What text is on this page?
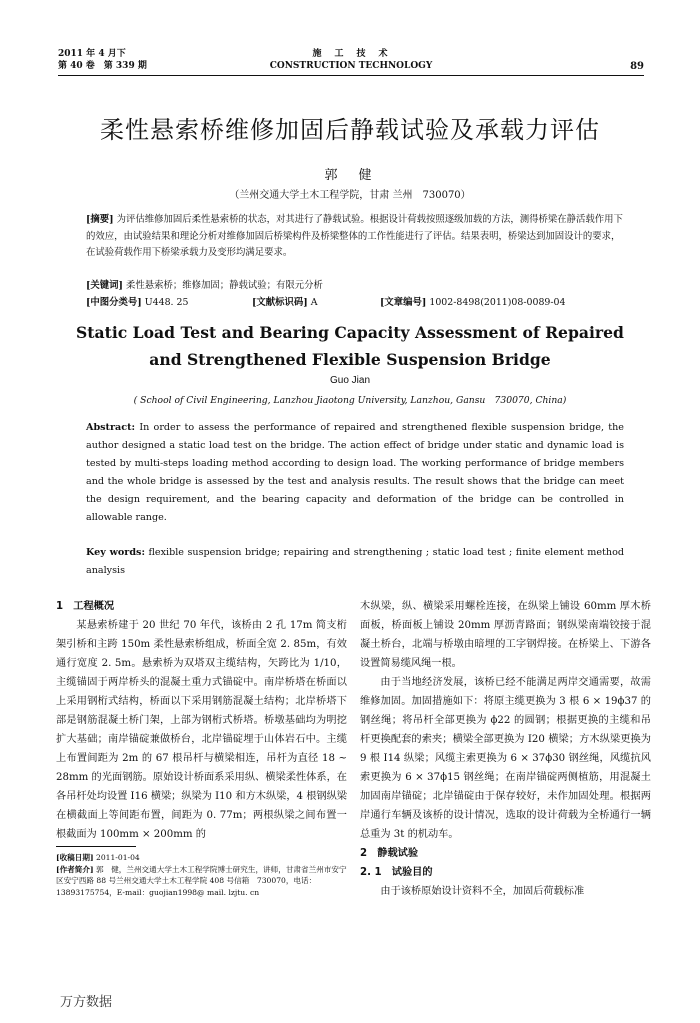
2011 年 4 月下
第 40 卷　第 339 期
施　工　技　术
CONSTRUCTION TECHNOLOGY	89
柔性悬索桥维修加固后静载试验及承载力评估
郭　健
（兰州交通大学土木工程学院，甘肃 兰州　730070）
[摘要] 为评估维修加固后柔性悬索桥的状态，对其进行了静载试验。根据设计荷载按照逐级加载的方法，测得桥梁在静活载作用下的效应，由试验结果和理论分析对维修加固后桥梁构件及桥梁整体的工作性能进行了评估。结果表明，桥梁达到加固设计的要求，在试验荷载作用下桥梁承载力及变形均满足要求。
[关键词] 柔性悬索桥；维修加固；静载试验；有限元分析
[中图分类号] U448. 25	[文献标识码] A	[文章编号] 1002-8498(2011)08-0089-04
Static Load Test and Bearing Capacity Assessment of Repaired
and Strengthened Flexible Suspension Bridge
Guo Jian
( School of Civil Engineering, Lanzhou Jiaotong University, Lanzhou, Gansu　730070, China)
Abstract: In order to assess the performance of repaired and strengthened flexible suspension bridge, the author designed a static load test on the bridge. The action effect of bridge under static and dynamic load is tested by multi-steps loading method according to design load. The working performance of bridge members and the whole bridge is assessed by the test and analysis results. The result shows that the bridge can meet the design requirement, and the bearing capacity and deformation of the bridge can be controlled in allowable range.
Key words: flexible suspension bridge; repairing and strengthening ; static load test ; finite element method analysis
1　工程概况

某悬索桥建于 20 世纪 70 年代，该桥由 2 孔 17m 简支桁架引桥和主跨 150m 柔性悬索桥组成，桥面全宽 2. 85m，有效通行宽度 2. 5m。悬索桥为双塔双主缆结构，矢跨比为 1/10，主缆锚固于两岸桥头的混凝土重力式锚碇中。南岸桥塔在桥面以上采用钢桁式结构，桥面以下采用钢筋混凝土结构；北岸桥塔下部是钢筋混凝土桥门架，上部为钢桁式桥塔。桥墩基础均为明挖扩大基础；南岸锚碇兼做桥台，北岸锚碇埋于山体岩石中。主缆上布置间距为 2m 的 67 根吊杆与横梁相连，吊杆为直径 18 ~ 28mm 的光面钢筋。原始设计桥面系采用纵、横梁柔性体系，在各吊杆处均设置 I16 横梁；纵梁为 I10 和方木纵梁，4 根钢纵梁在横截面上等间距布置，间距为 0. 77m；两根纵梁之间布置一根截面为 100mm × 200mm 的

木纵梁，纵、横梁采用螺栓连接，在纵梁上铺设 60mm 厚木桥面板，桥面板上铺设 20mm 厚沥青路面；钢纵梁南端铰接于混凝土桥台，北端与桥墩由暗埋的工字钢焊接。在桥梁上、下游各设置简易缆风绳一根。

由于当地经济发展，该桥已经不能满足两岸交通需要，故需维修加固。加固措施如下：将原主缆更换为 3 根 6 × 19ϕ37 的钢丝绳；将吊杆全部更换为 ϕ22 的圆钢；根据更换的主缆和吊杆更换配套的索夹；横梁全部更换为 I20 横梁；方木纵梁更换为 9 根 I14 纵梁；风缆主索更换为 6 × 37ϕ30 钢丝绳，风缆抗风索更换为 6 × 37ϕ15 钢丝绳；在南岸锚碇两侧植筋，用混凝土加固南岸锚碇；北岸锚碇由于保存较好，未作加固处理。根据两岸通行车辆及该桥的设计情况，选取的设计荷载为全桥通行一辆总重为 3t 的机动车。

2　静载试验
2. 1　试验目的

由于该桥原始设计资料不全，加固后荷载标准

[收稿日期] 2011-01-04
[作者简介] 郭　健，兰州交通大学土木工程学院博士研究生，讲师，甘肃省兰州市安宁区安宁西路 88 号兰州交通大学土木工程学院 408 号信箱　730070，电话：13893175754，E-mail：guojian1998@ mail. lzjtu. cn
万方数据
